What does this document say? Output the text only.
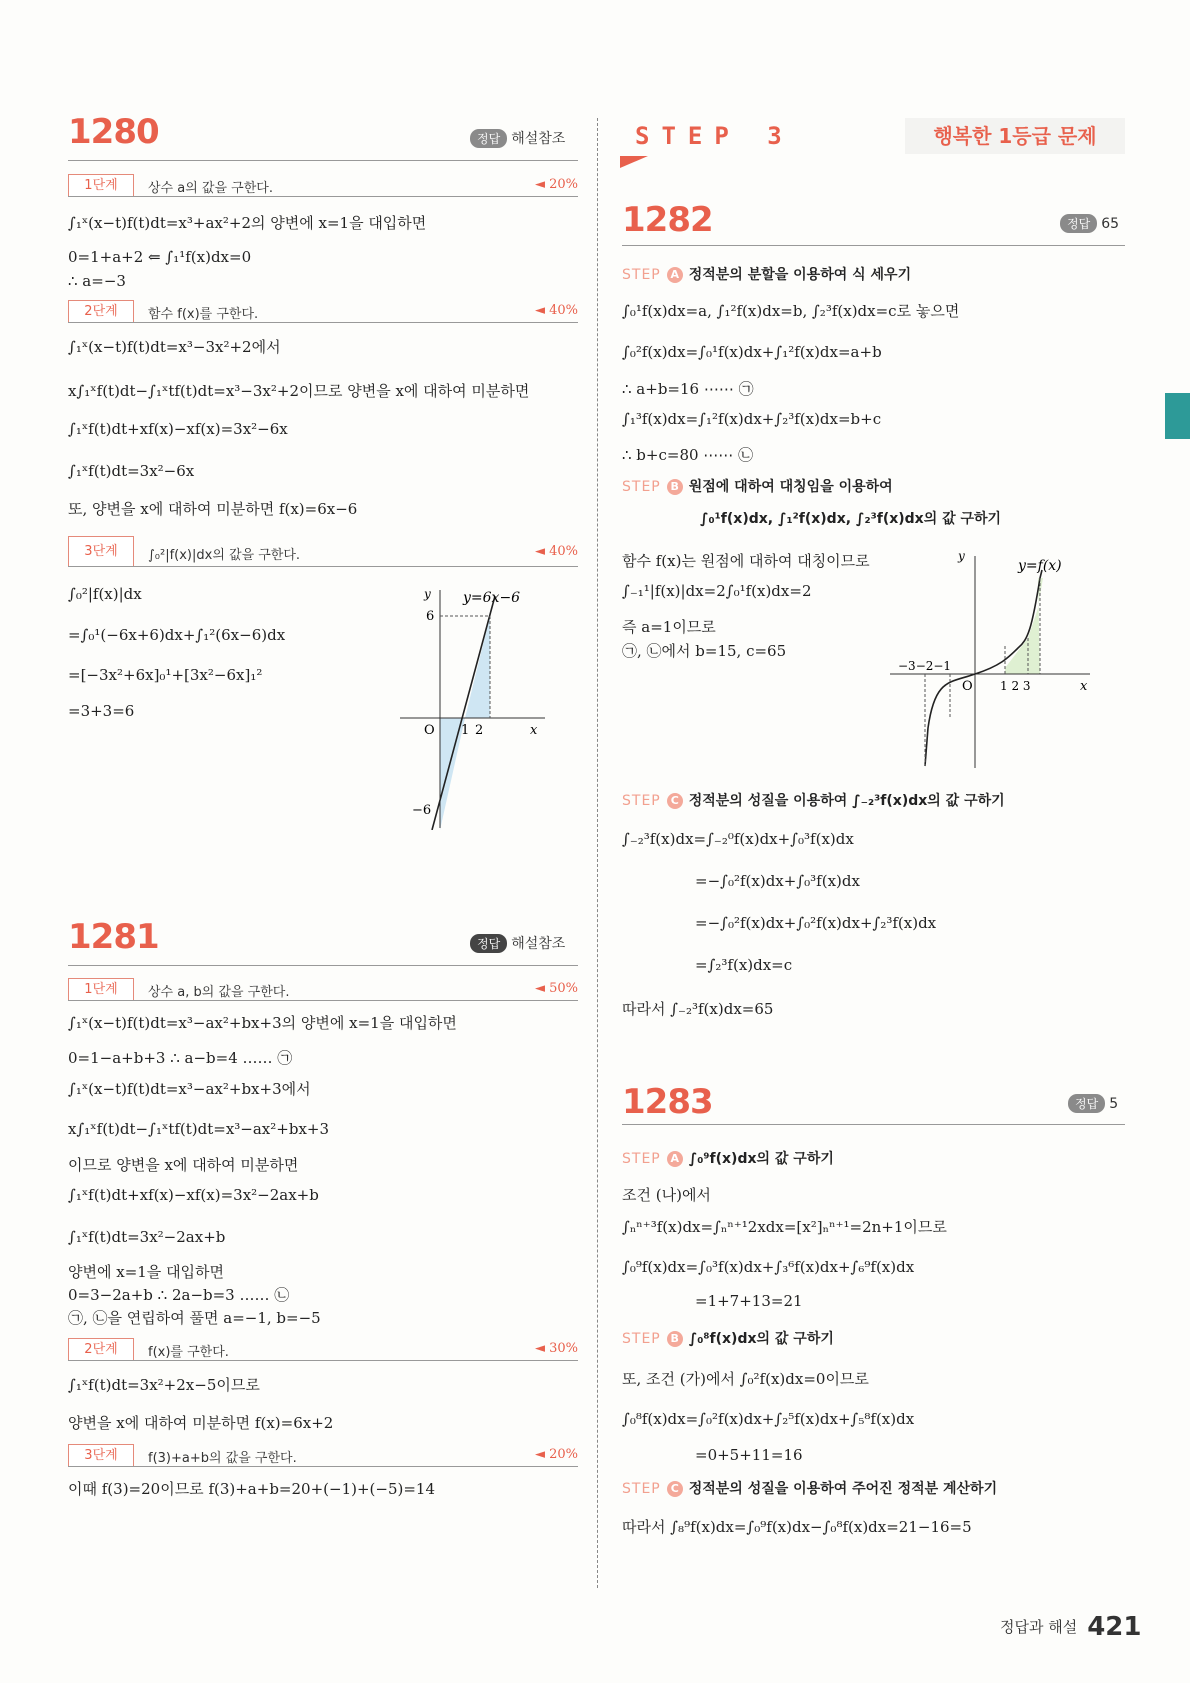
1280	정답 해설참조
1단계	상수 a의 값을 구한다.	◄ 20%
∫₁ˣ(x−t)f(t)dt=x³+ax²+2의 양변에 x=1을 대입하면
0=1+a+2 ⇐ ∫₁¹f(x)dx=0
∴ a=−3
2단계	함수 f(x)를 구한다.	◄ 40%
∫₁ˣ(x−t)f(t)dt=x³−3x²+2에서
x∫₁ˣf(t)dt−∫₁ˣtf(t)dt=x³−3x²+2이므로 양변을 x에 대하여 미분하면
∫₁ˣf(t)dt+xf(x)−xf(x)=3x²−6x
∫₁ˣf(t)dt=3x²−6x
또, 양변을 x에 대하여 미분하면 f(x)=6x−6
3단계	∫₀²|f(x)|dx의 값을 구한다.	◄ 40%
∫₀²|f(x)|dx
=∫₀¹(−6x+6)dx+∫₁²(6x−6)dx
=[−3x²+6x]₀¹+[3x²−6x]₁²
=3+3=6
6
−6
O 1 2	x
y y=6x−6
1281	정답 해설참조
1단계	상수 a, b의 값을 구한다.	◄ 50%
∫₁ˣ(x−t)f(t)dt=x³−ax²+bx+3의 양변에 x=1을 대입하면
0=1−a+b+3 ∴ a−b=4 …… ㉠
∫₁ˣ(x−t)f(t)dt=x³−ax²+bx+3에서
x∫₁ˣf(t)dt−∫₁ˣtf(t)dt=x³−ax²+bx+3
이므로 양변을 x에 대하여 미분하면
∫₁ˣf(t)dt+xf(x)−xf(x)=3x²−2ax+b
∫₁ˣf(t)dt=3x²−2ax+b
양변에 x=1을 대입하면
0=3−2a+b ∴ 2a−b=3 …… ㉡
㉠, ㉡을 연립하여 풀면 a=−1, b=−5
2단계	f(x)를 구한다.	◄ 30%
∫₁ˣf(t)dt=3x²+2x−5이므로
양변을 x에 대하여 미분하면 f(x)=6x+2
3단계	f(3)+a+b의 값을 구한다.	◄ 20%
이때 f(3)=20이므로 f(3)+a+b=20+(−1)+(−5)=14
STEP 3	행복한 1등급 문제
1282	정답 65
STEP A 정적분의 분할을 이용하여 식 세우기
∫₀¹f(x)dx=a, ∫₁²f(x)dx=b, ∫₂³f(x)dx=c로 놓으면
∫₀²f(x)dx=∫₀¹f(x)dx+∫₁²f(x)dx=a+b
∴ a+b=16 ⋯⋯ ㉠
∫₁³f(x)dx=∫₁²f(x)dx+∫₂³f(x)dx=b+c
∴ b+c=80 ⋯⋯ ㉡
STEP B 원점에 대하여 대칭임을 이용하여
∫₀¹f(x)dx, ∫₁²f(x)dx, ∫₂³f(x)dx의 값 구하기
함수 f(x)는 원점에 대하여 대칭이므로
∫₋₁¹|f(x)|dx=2∫₀¹f(x)dx=2
즉 a=1이므로
㉠, ㉡에서 b=15, c=65
−3−2−1
O 1 2 3	x
y
y=f(x)
STEP C 정적분의 성질을 이용하여 ∫₋₂³f(x)dx의 값 구하기
∫₋₂³f(x)dx=∫₋₂⁰f(x)dx+∫₀³f(x)dx
=−∫₀²f(x)dx+∫₀³f(x)dx
=−∫₀²f(x)dx+∫₀²f(x)dx+∫₂³f(x)dx
=∫₂³f(x)dx=c
따라서 ∫₋₂³f(x)dx=65
1283	정답 5
STEP A ∫₀⁹f(x)dx의 값 구하기
조건 (나)에서
∫ₙⁿ⁺³f(x)dx=∫ₙⁿ⁺¹2xdx=[x²]ₙⁿ⁺¹=2n+1이므로
∫₀⁹f(x)dx=∫₀³f(x)dx+∫₃⁶f(x)dx+∫₆⁹f(x)dx
=1+7+13=21
STEP B ∫₀⁸f(x)dx의 값 구하기
또, 조건 (가)에서 ∫₀²f(x)dx=0이므로
∫₀⁸f(x)dx=∫₀²f(x)dx+∫₂⁵f(x)dx+∫₅⁸f(x)dx
=0+5+11=16
STEP C 정적분의 성질을 이용하여 주어진 정적분 계산하기
따라서 ∫₈⁹f(x)dx=∫₀⁹f(x)dx−∫₀⁸f(x)dx=21−16=5
정답과 해설 421
